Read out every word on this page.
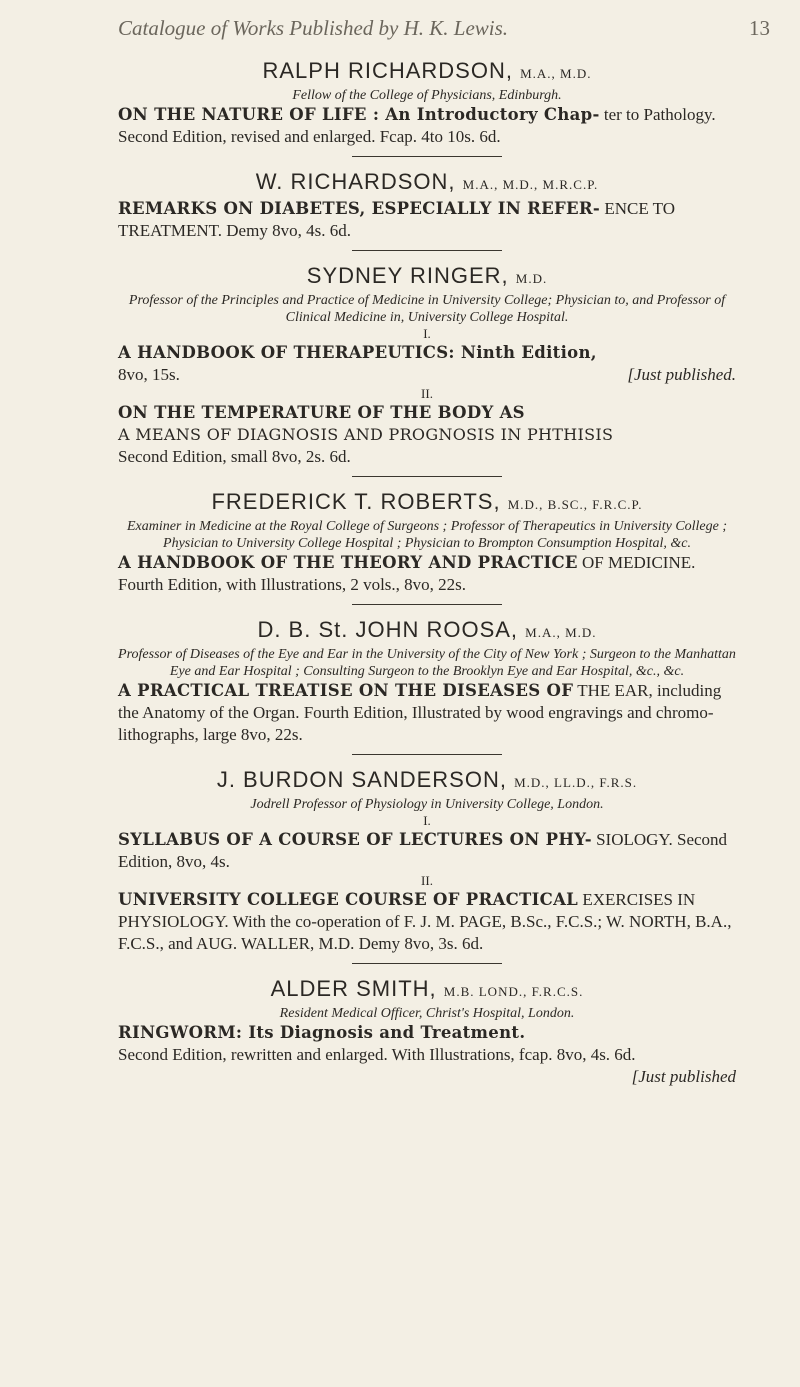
Catalogue of Works Published by H. K. Lewis.	13
RALPH RICHARDSON, M.A., M.D.
Fellow of the College of Physicians, Edinburgh.
ON THE NATURE OF LIFE : An Introductory Chap- ter to Pathology. Second Edition, revised and enlarged. Fcap. 4to 10s. 6d.
W. RICHARDSON, M.A., M.D., M.R.C.P.
REMARKS ON DIABETES, ESPECIALLY IN REFER- ENCE TO TREATMENT. Demy 8vo, 4s. 6d.
SYDNEY RINGER, M.D.
Professor of the Principles and Practice of Medicine in University College; Physician to, and Professor of Clinical Medicine in, University College Hospital.
I.
A HANDBOOK OF THERAPEUTICS: Ninth Edition,
8vo, 15s.	[Just published.
II.
ON THE TEMPERATURE OF THE BODY AS
A MEANS OF DIAGNOSIS AND PROGNOSIS IN PHTHISIS
Second Edition, small 8vo, 2s. 6d.
FREDERICK T. ROBERTS, M.D., B.SC., F.R.C.P.
Examiner in Medicine at the Royal College of Surgeons ; Professor of Therapeutics in University College ; Physician to University College Hospital ; Physician to Brompton Consumption Hospital, &c.
A HANDBOOK OF THE THEORY AND PRACTICE OF MEDICINE. Fourth Edition, with Illustrations, 2 vols., 8vo, 22s.
D. B. St. JOHN ROOSA, M.A., M.D.
Professor of Diseases of the Eye and Ear in the University of the City of New York ; Surgeon to the Manhattan Eye and Ear Hospital ; Consulting Surgeon to the Brooklyn Eye and Ear Hospital, &c., &c.
A PRACTICAL TREATISE ON THE DISEASES OF THE EAR, including the Anatomy of the Organ. Fourth Edition, Illustrated by wood engravings and chromo-lithographs, large 8vo, 22s.
J. BURDON SANDERSON, M.D., LL.D., F.R.S.
Jodrell Professor of Physiology in University College, London.
I.
SYLLABUS OF A COURSE OF LECTURES ON PHY- SIOLOGY. Second Edition, 8vo, 4s.
II.
UNIVERSITY COLLEGE COURSE OF PRACTICAL EXERCISES IN PHYSIOLOGY. With the co-operation of F. J. M. PAGE, B.Sc., F.C.S.; W. NORTH, B.A., F.C.S., and AUG. WALLER, M.D. Demy 8vo, 3s. 6d.
ALDER SMITH, M.B. LOND., F.R.C.S.
Resident Medical Officer, Christ's Hospital, London.
RINGWORM: Its Diagnosis and Treatment.
Second Edition, rewritten and enlarged. With Illustrations, fcap. 8vo, 4s. 6d.
[Just published
